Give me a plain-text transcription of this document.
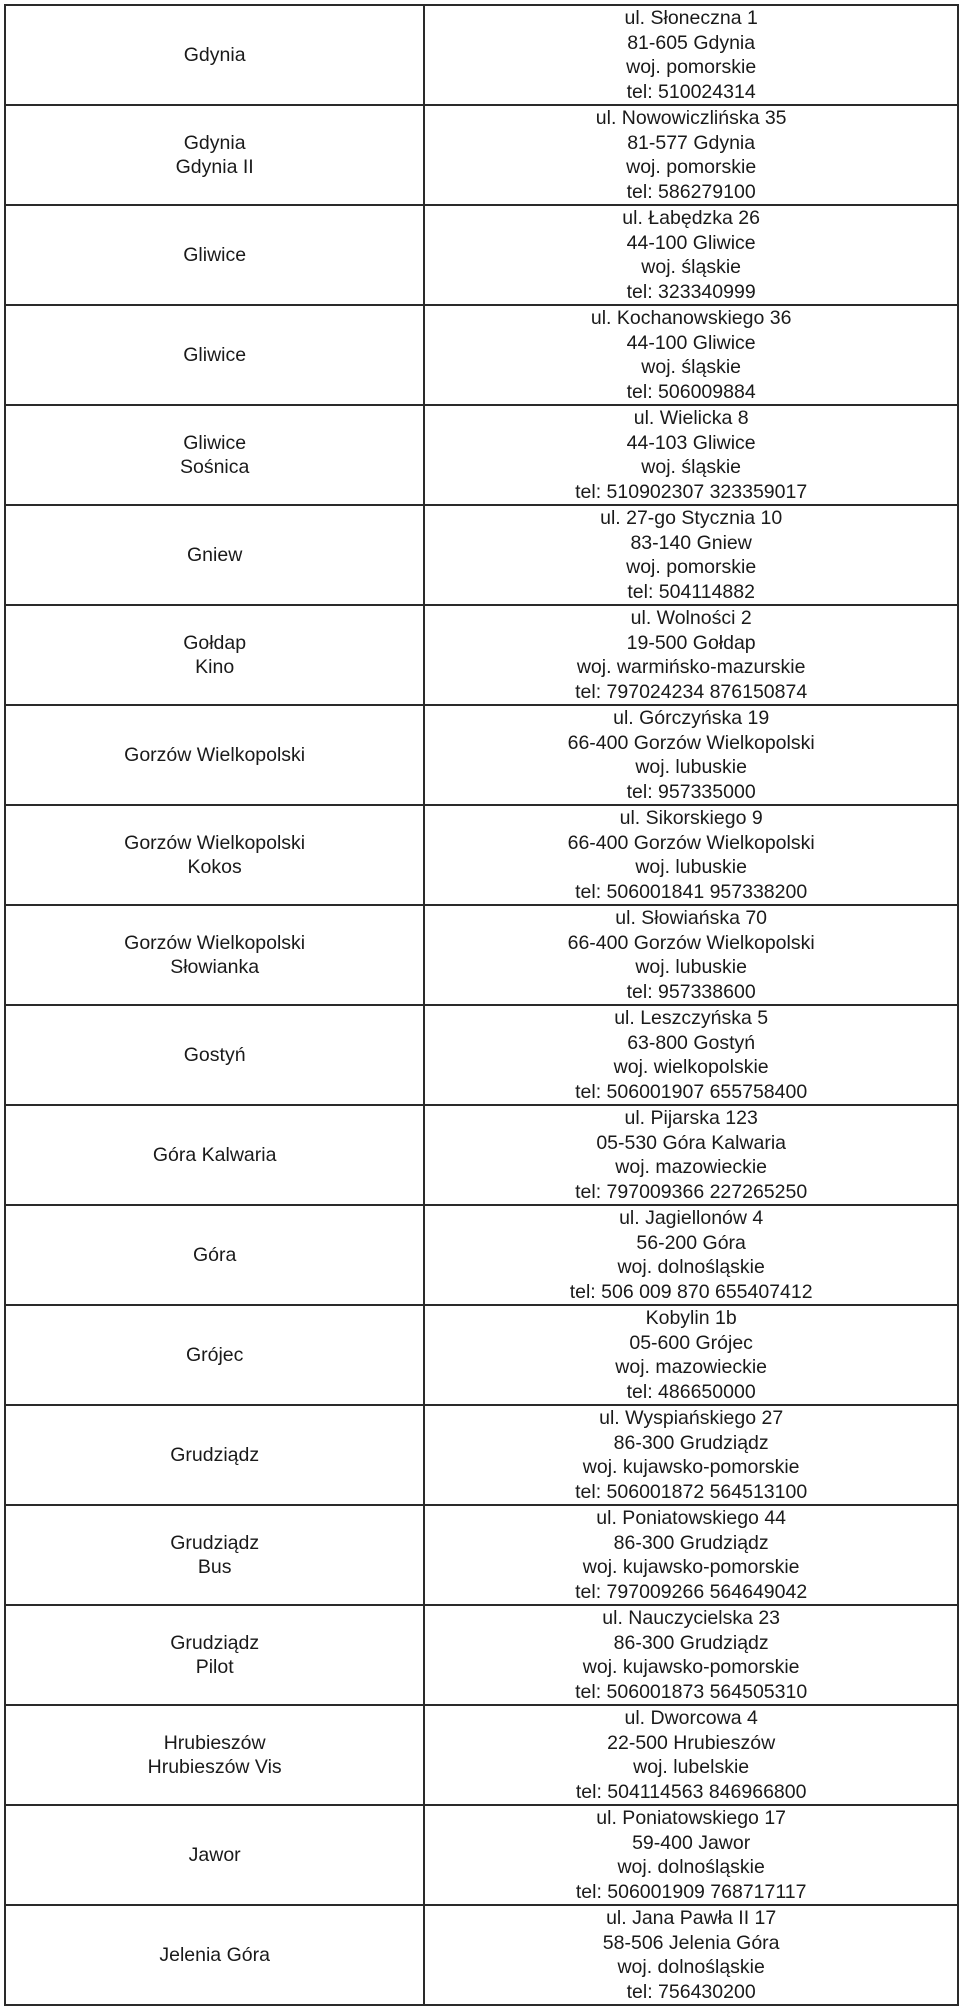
Gdynia	ul. Słoneczna 1
81-605 Gdynia
woj. pomorskie
tel: 510024314

Gdynia
Gdynia II	ul. Nowowiczlińska 35
81-577 Gdynia
woj. pomorskie
tel: 586279100

Gliwice	ul. Łabędzka 26
44-100 Gliwice
woj. śląskie
tel: 323340999

Gliwice	ul. Kochanowskiego 36
44-100 Gliwice
woj. śląskie
tel: 506009884

Gliwice
Sośnica	ul. Wielicka 8
44-103 Gliwice
woj. śląskie
tel: 510902307 323359017

Gniew	ul. 27-go Stycznia 10
83-140 Gniew
woj. pomorskie
tel: 504114882

Gołdap
Kino	ul. Wolności 2
19-500 Gołdap
woj. warmińsko-mazurskie
tel: 797024234 876150874

Gorzów Wielkopolski	ul. Górczyńska 19
66-400 Gorzów Wielkopolski
woj. lubuskie
tel: 957335000

Gorzów Wielkopolski
Kokos	ul. Sikorskiego 9
66-400 Gorzów Wielkopolski
woj. lubuskie
tel: 506001841 957338200

Gorzów Wielkopolski
Słowianka	ul. Słowiańska 70
66-400 Gorzów Wielkopolski
woj. lubuskie
tel: 957338600

Gostyń	ul. Leszczyńska 5
63-800 Gostyń
woj. wielkopolskie
tel: 506001907 655758400

Góra Kalwaria	ul. Pijarska 123
05-530 Góra Kalwaria
woj. mazowieckie
tel: 797009366 227265250

Góra	ul. Jagiellonów 4
56-200 Góra
woj. dolnośląskie
tel: 506 009 870 655407412

Grójec	Kobylin 1b
05-600 Grójec
woj. mazowieckie
tel: 486650000

Grudziądz	ul. Wyspiańskiego 27
86-300 Grudziądz
woj. kujawsko-pomorskie
tel: 506001872 564513100

Grudziądz
Bus	ul. Poniatowskiego 44
86-300 Grudziądz
woj. kujawsko-pomorskie
tel: 797009266 564649042

Grudziądz
Pilot	ul. Nauczycielska 23
86-300 Grudziądz
woj. kujawsko-pomorskie
tel: 506001873 564505310

Hrubieszów
Hrubieszów Vis	ul. Dworcowa 4
22-500 Hrubieszów
woj. lubelskie
tel: 504114563 846966800

Jawor	ul. Poniatowskiego 17
59-400 Jawor
woj. dolnośląskie
tel: 506001909 768717117

Jelenia Góra	ul. Jana Pawła II 17
58-506 Jelenia Góra
woj. dolnośląskie
tel: 756430200
